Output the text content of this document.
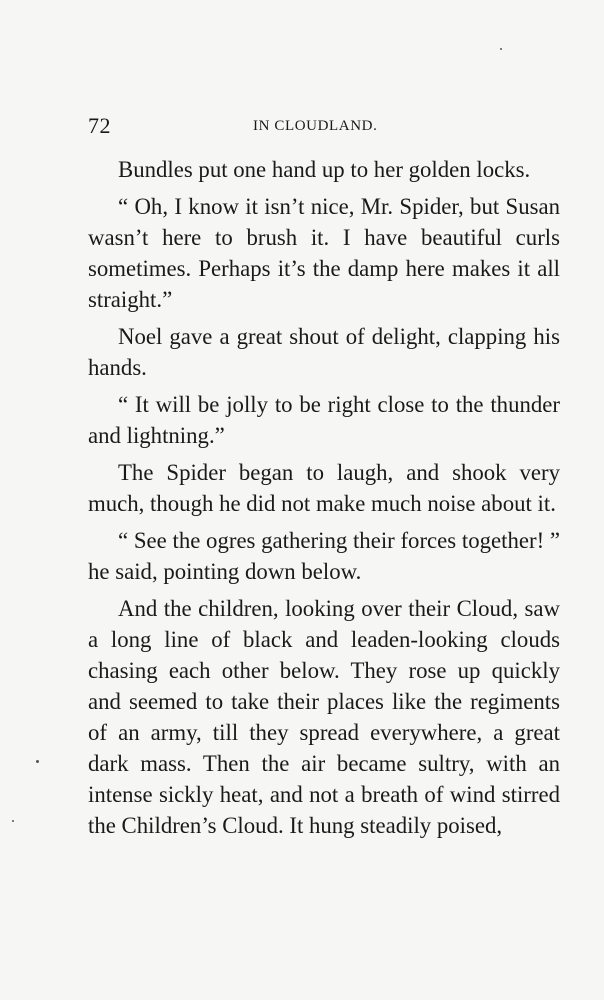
72	IN CLOUDLAND.

Bundles put one hand up to her golden locks.

“ Oh, I know it isn’t nice, Mr. Spider, but Susan wasn’t here to brush it. I have beautiful curls sometimes. Perhaps it’s the damp here makes it all straight.”

Noel gave a great shout of delight, clapping his hands.

“ It will be jolly to be right close to the thunder and lightning.”

The Spider began to laugh, and shook very much, though he did not make much noise about it.

“ See the ogres gathering their forces together! ” he said, pointing down below.

And the children, looking over their Cloud, saw a long line of black and leaden-looking clouds chasing each other below. They rose up quickly and seemed to take their places like the regiments of an army, till they spread everywhere, a great dark mass. Then the air became sultry, with an intense sickly heat, and not a breath of wind stirred the Children’s Cloud. It hung steadily poised,
